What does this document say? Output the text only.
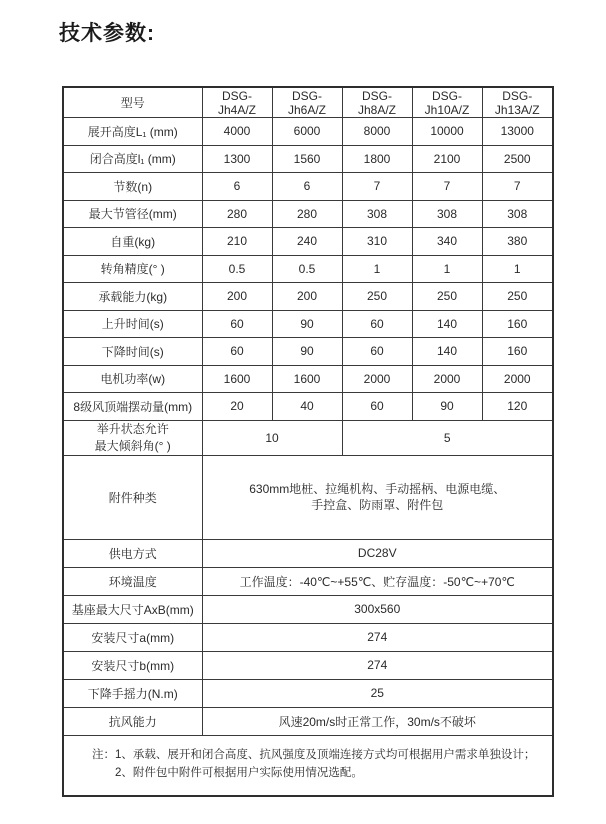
技术参数:
型号	DSG-Jh4A/Z	DSG-Jh6A/Z	DSG-Jh8A/Z	DSG-Jh10A/Z	DSG-Jh13A/Z
展开高度L₁ (mm)	4000	6000	8000	10000	13000
闭合高度l₁ (mm)	1300	1560	1800	2100	2500
节数(n)	6	6	7	7	7
最大节管径(mm)	280	280	308	308	308
自重(kg)	210	240	310	340	380
转角精度(° )	0.5	0.5	1	1	1
承载能力(kg)	200	200	250	250	250
上升时间(s)	60	90	60	140	160
下降时间(s)	60	90	60	140	160
电机功率(w)	1600	1600	2000	2000	2000
8级风顶端摆动量(mm)	20	40	60	90	120

举升状态允许
最大倾斜角(° )	10		5		
附件种类	630mm地桩、拉绳机构、手动摇柄、电源电缆、
手控盒、防雨罩、附件包				

供电方式	DC28V				
环境温度	工作温度：-40℃~+55℃、贮存温度：-50℃~+70℃				
基座最大尺寸AxB(mm)	300x560				
安装尺寸a(mm)	274				
安装尺寸b(mm)	274				
下降手摇力(N.m)	25				
抗风能力	风速20m/s时正常工作，30m/s不破坏				

注：1、承载、展开和闭合高度、抗风强度及顶端连接方式均可根据用户需求单独设计；
2、附件包中附件可根据用户实际使用情况选配。					
